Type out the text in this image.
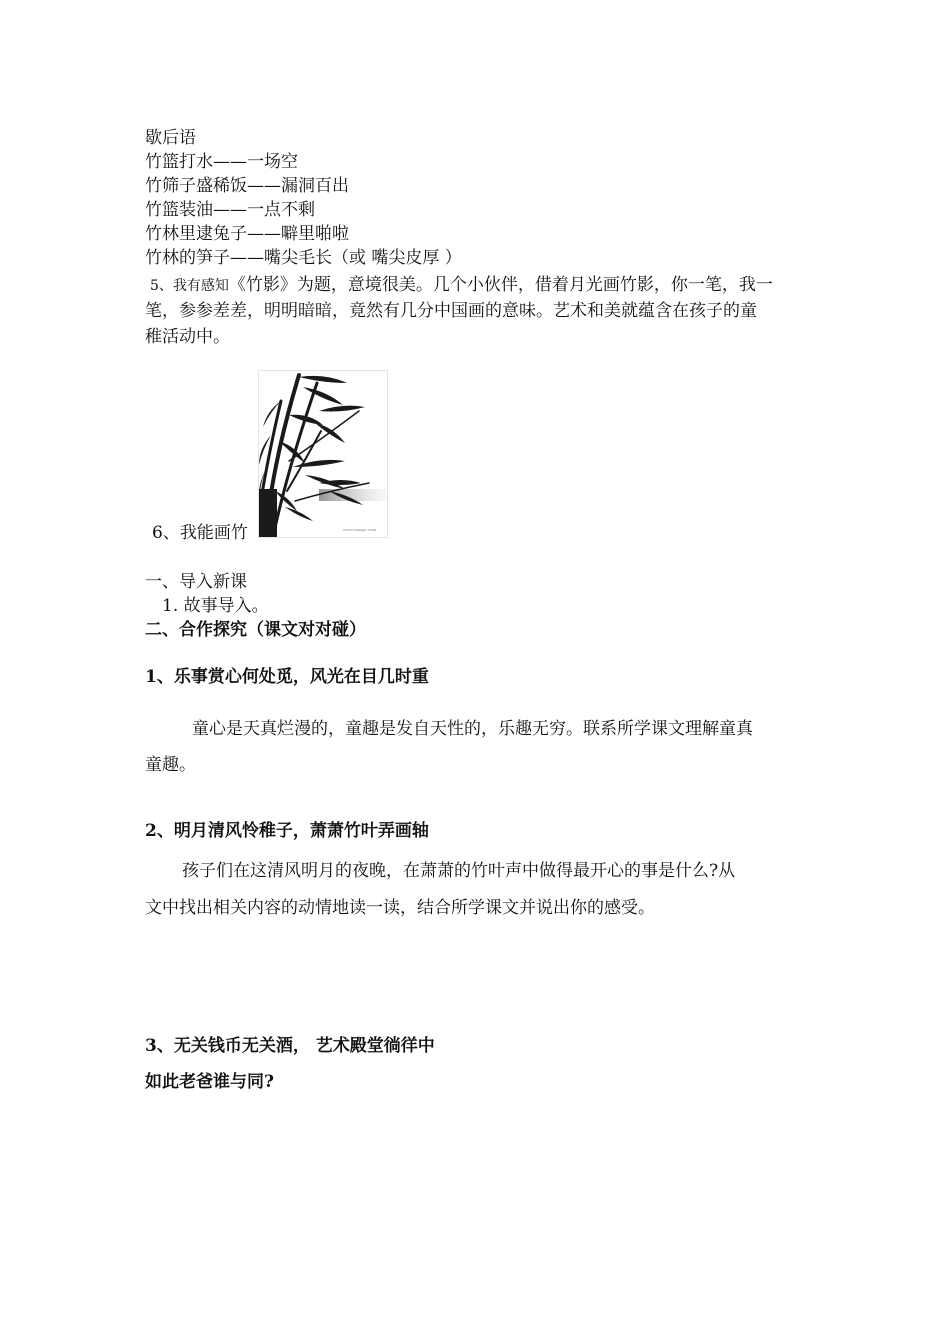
歇后语
竹篮打水——一场空
竹筛子盛稀饭——漏洞百出
竹篮装油——一点不剩
竹林里逮兔子——噼里啪啦
竹林的笋子——嘴尖毛长（或 嘴尖皮厚 ）
5、我有感知《竹影》为题，意境很美。几个小伙伴，借着月光画竹影，你一笔，我一
笔，参参差差，明明暗暗，竟然有几分中国画的意味。艺术和美就蕴含在孩子的童
稚活动中。
www.image.com
6、我能画竹
一、导入新课
1. 故事导入。
二、合作探究（课文对对碰）
1、乐事赏心何处觅，风光在目几时重
童心是天真烂漫的，童趣是发自天性的，乐趣无穷。联系所学课文理解童真
童趣。
2、明月清风怜稚子，萧萧竹叶弄画轴
孩子们在这清风明月的夜晚，在萧萧的竹叶声中做得最开心的事是什么?从
文中找出相关内容的动情地读一读，结合所学课文并说出你的感受。
3、无关钱币无关酒， 艺术殿堂徜徉中
如此老爸谁与同?
